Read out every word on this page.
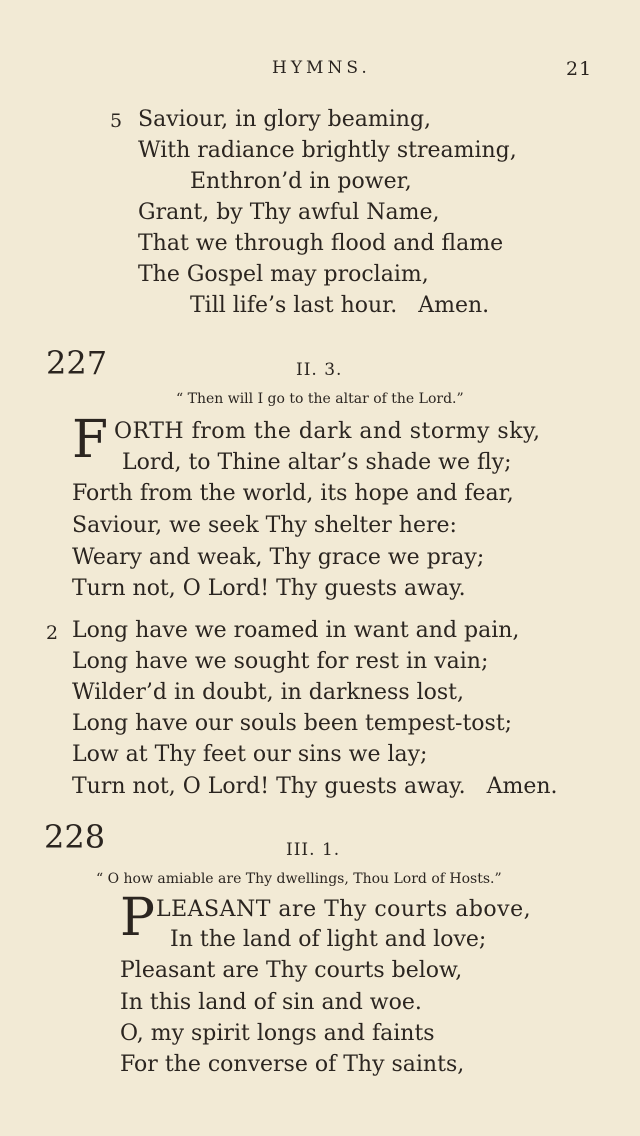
HYMNS.	21
5 Saviour, in glory beaming,
With radiance brightly streaming,
Enthron’d in power,
Grant, by Thy awful Name,
That we through flood and flame
The Gospel may proclaim,
Till life’s last hour.   Amen.
227	II. 3.
“ Then will I go to the altar of the Lord.”
F ORTH from the dark and stormy sky,
Lord, to Thine altar’s shade we fly;
Forth from the world, its hope and fear,
Saviour, we seek Thy shelter here:
Weary and weak, Thy grace we pray;
Turn not, O Lord! Thy guests away.
2 Long have we roamed in want and pain,
Long have we sought for rest in vain;
Wilder’d in doubt, in darkness lost,
Long have our souls been tempest-tost;
Low at Thy feet our sins we lay;
Turn not, O Lord! Thy guests away.   Amen.
228	III. 1.
“ O how amiable are Thy dwellings, Thou Lord of Hosts.”
P LEASANT are Thy courts above,
In the land of light and love;
Pleasant are Thy courts below,
In this land of sin and woe.
O, my spirit longs and faints
For the converse of Thy saints,
